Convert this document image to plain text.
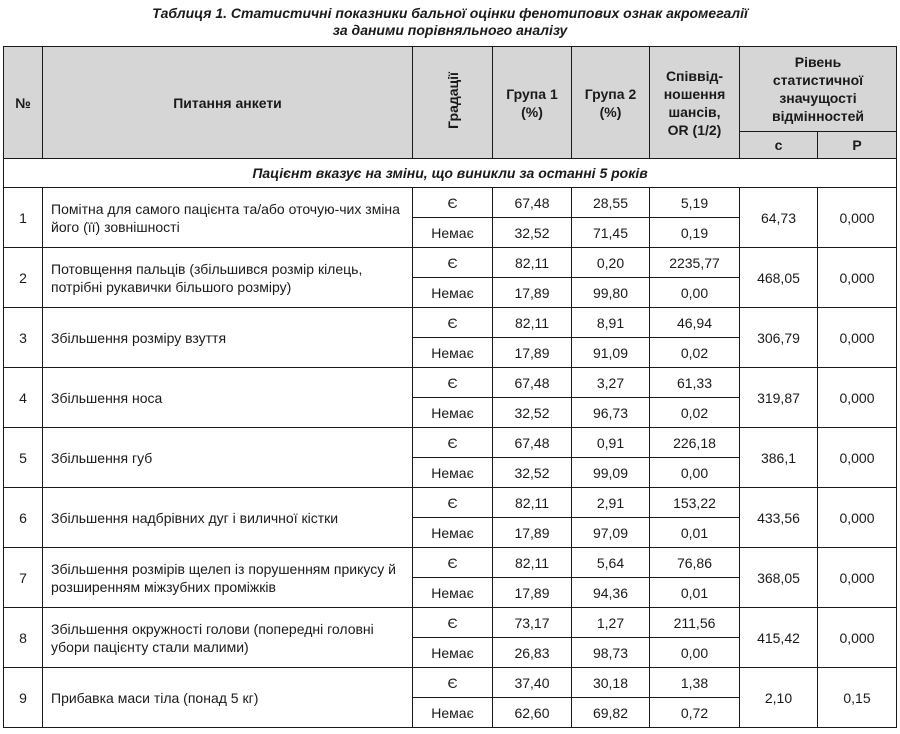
Таблиця 1. Статистичні показники бальної оцінки фенотипових ознак акромегалії
за даними порівняльного аналізу
№	Питання анкети	Градації	Група 1 (%)	Група 2 (%)	Співвід-ношення шансів, OR (1/2)	Рівень статистичної значущості відмінностей	

						c	P
Пацієнт вказує на зміни, що виникли за останні 5 років							
1	Помітна для самого пацієнта та/або оточую-чих зміна його (її) зовнішності	Є	67,48	28,55	5,19	64,73	0,000
		Немає	32,52	71,45	0,19		
2	Потовщення пальців (збільшився розмір кілець, потрібні рукавички більшого розміру)	Є	82,11	0,20	2235,77	468,05	0,000
		Немає	17,89	99,80	0,00		
3	Збільшення розміру взуття	Є	82,11	8,91	46,94	306,79	0,000
		Немає	17,89	91,09	0,02		
4	Збільшення носа	Є	67,48	3,27	61,33	319,87	0,000
		Немає	32,52	96,73	0,02		
5	Збільшення губ	Є	67,48	0,91	226,18	386,1	0,000
		Немає	32,52	99,09	0,00		
6	Збільшення надбрівних дуг і виличної кістки	Є	82,11	2,91	153,22	433,56	0,000
		Немає	17,89	97,09	0,01		
7	Збільшення розмірів щелеп із порушенням прикусу й розширенням міжзубних проміжків	Є	82,11	5,64	76,86	368,05	0,000
		Немає	17,89	94,36	0,01		
8	Збільшення окружності голови (попередні головні убори пацієнту стали малими)	Є	73,17	1,27	211,56	415,42	0,000
		Немає	26,83	98,73	0,00		
9	Прибавка маси тіла (понад 5 кг)	Є	37,40	30,18	1,38	2,10	0,15
		Немає	62,60	69,82	0,72		
